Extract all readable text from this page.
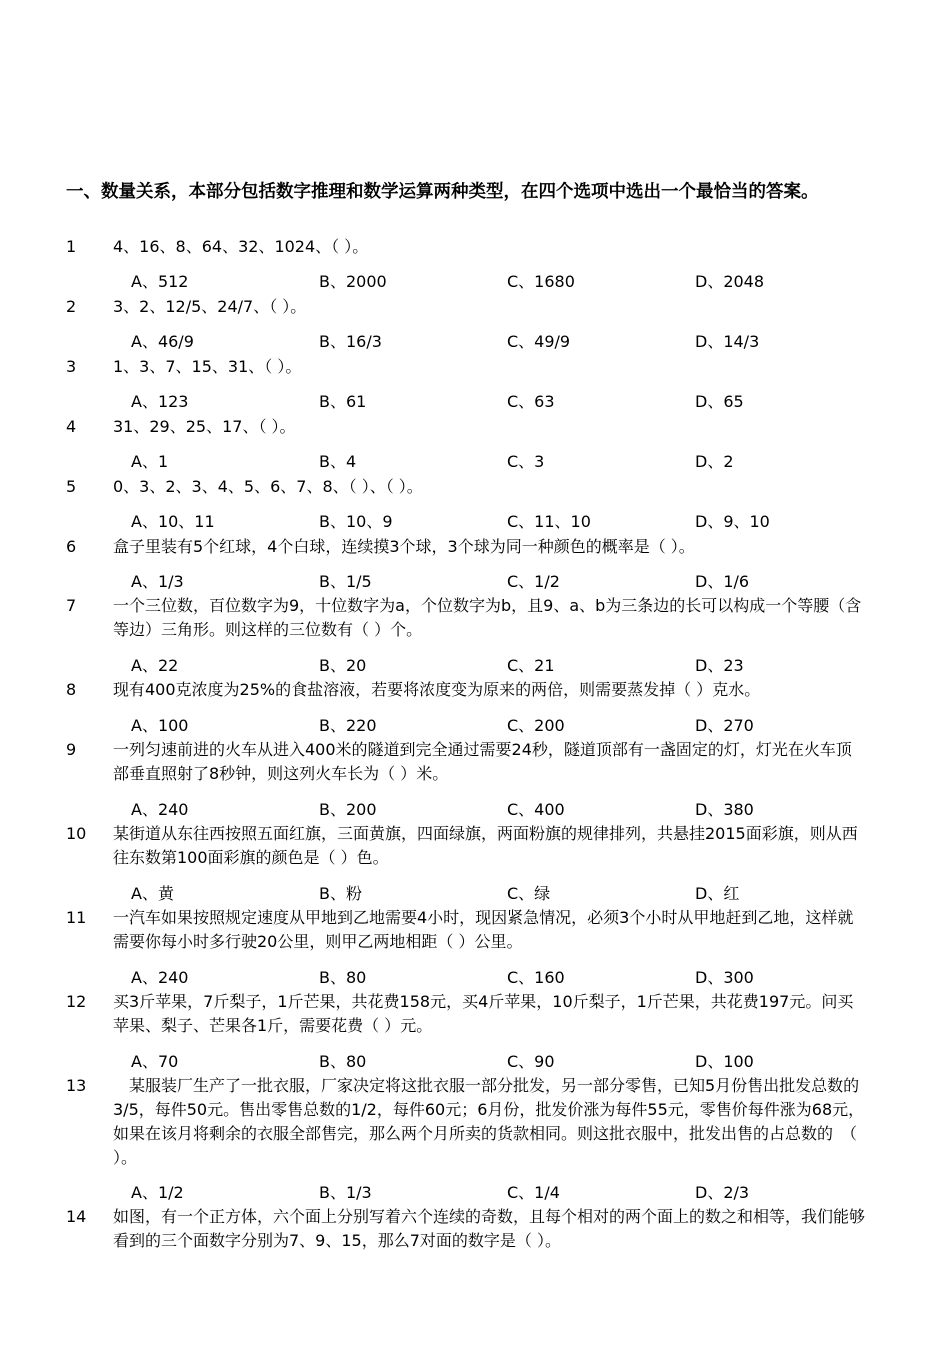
一、数量关系，本部分包括数字推理和数学运算两种类型，在四个选项中选出一个最恰当的答案。
1	4、16、8、64、32、1024、（ ）。
A、512	B、2000	C、1680	D、2048
2	3、2、12/5、24/7、（ ）。
A、46/9	B、16/3	C、49/9	D、14/3
3	1、3、7、15、31、（ ）。
A、123	B、61	C、63	D、65
4	31、29、25、17、（ ）。
A、1	B、4	C、3	D、2
5	0、3、2、3、4、5、6、7、8、（ ）、（ ）。
A、10、11	B、10、9	C、11、10	D、9、10
6	盒子里装有5个红球，4个白球，连续摸3个球，3个球为同一种颜色的概率是（ ）。
A、1/3	B、1/5	C、1/2	D、1/6
7	一个三位数，百位数字为9，十位数字为a，个位数字为b，且9、a、b为三条边的长可以构成一个等腰（含等边）三角形。则这样的三位数有（ ）个。
A、22	B、20	C、21	D、23
8	现有400克浓度为25%的食盐溶液，若要将浓度变为原来的两倍，则需要蒸发掉（ ）克水。
A、100	B、220	C、200	D、270
9	一列匀速前进的火车从进入400米的隧道到完全通过需要24秒，隧道顶部有一盏固定的灯，灯光在火车顶部垂直照射了8秒钟，则这列火车长为（ ）米。
A、240	B、200	C、400	D、380
10	某街道从东往西按照五面红旗，三面黄旗，四面绿旗，两面粉旗的规律排列，共悬挂2015面彩旗，则从西往东数第100面彩旗的颜色是（ ）色。
A、黄	B、粉	C、绿	D、红
11	一汽车如果按照规定速度从甲地到乙地需要4小时，现因紧急情况，必须3个小时从甲地赶到乙地，这样就需要你每小时多行驶20公里，则甲乙两地相距（ ）公里。
A、240	B、80	C、160	D、300
12	买3斤苹果，7斤梨子，1斤芒果，共花费158元，买4斤苹果，10斤梨子，1斤芒果，共花费197元。问买苹果、梨子、芒果各1斤，需要花费（ ）元。
A、70	B、80	C、90	D、100
13	　某服装厂生产了一批衣服，厂家决定将这批衣服一部分批发，另一部分零售，已知5月份售出批发总数的3/5，每件50元。售出零售总数的1/2，每件60元；6月份，批发价涨为每件55元，零售价每件涨为68元，如果在该月将剩余的衣服全部售完，那么两个月所卖的货款相同。则这批衣服中，批发出售的占总数的　（ ）。
A、1/2	B、1/3	C、1/4	D、2/3
14	如图，有一个正方体，六个面上分别写着六个连续的奇数，且每个相对的两个面上的数之和相等，我们能够看到的三个面数字分别为7、9、15，那么7对面的数字是（ ）。
